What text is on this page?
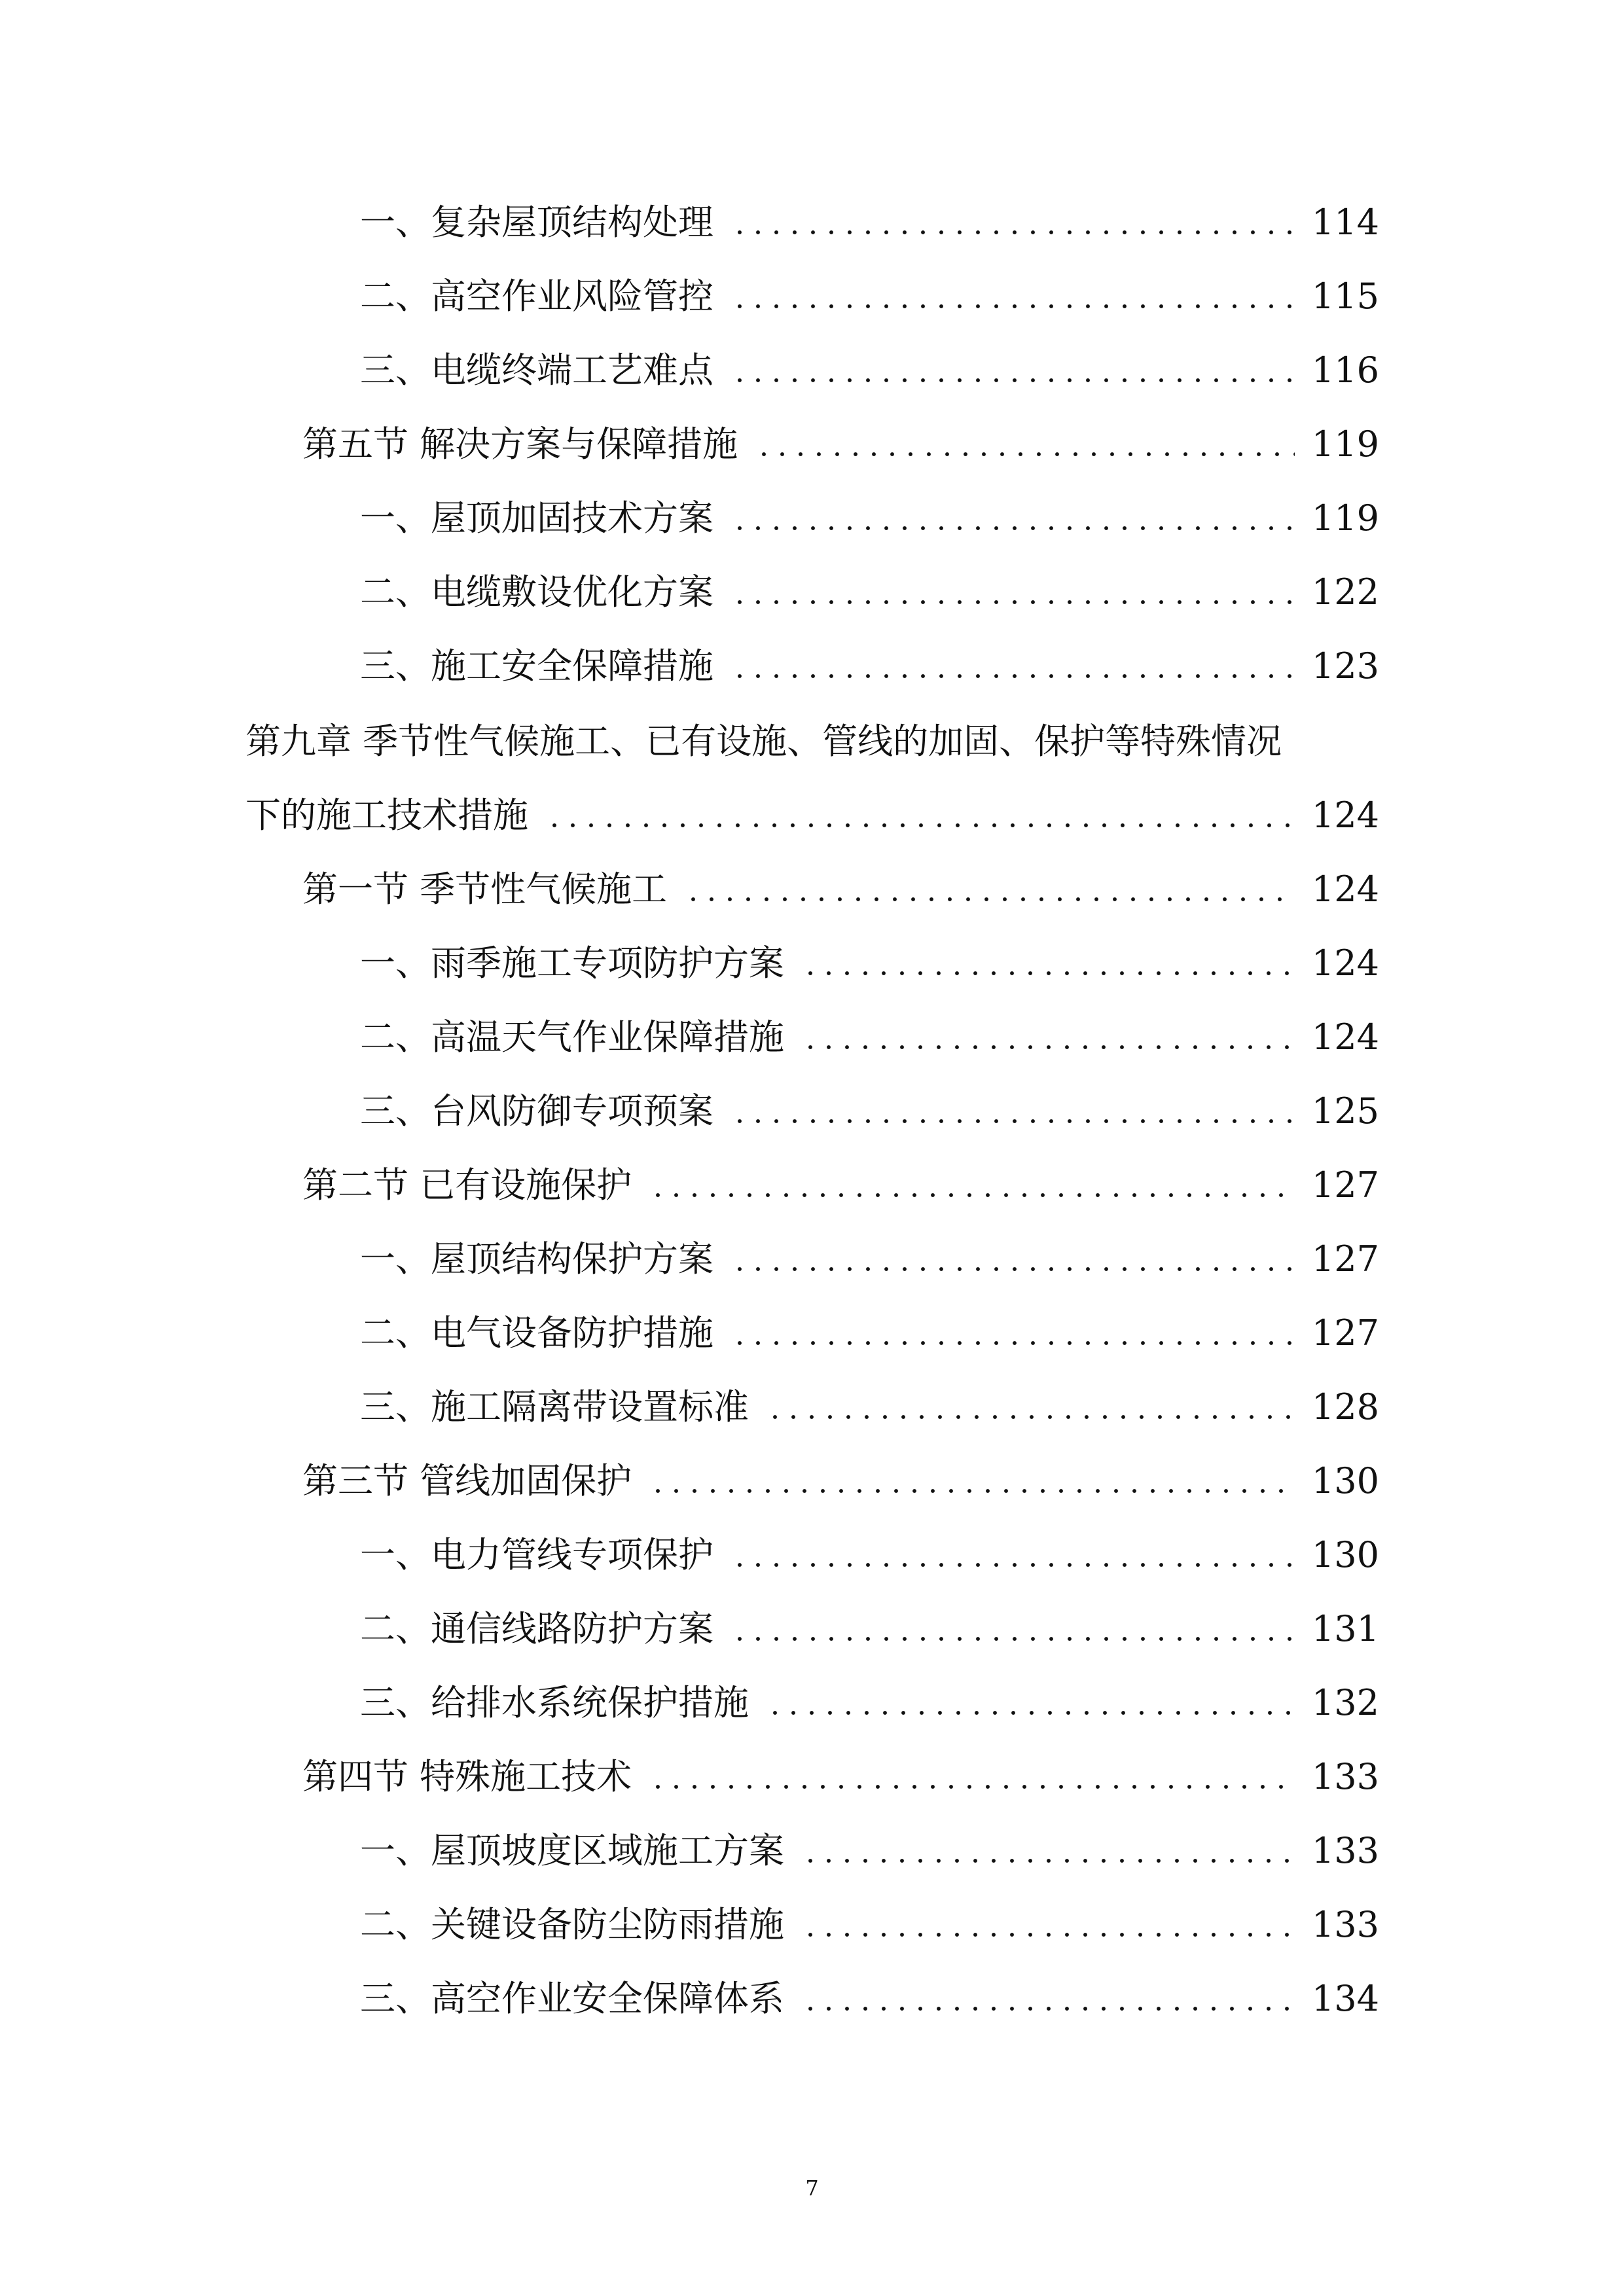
一、复杂屋顶结构处理	114
二、高空作业风险管控	115
三、电缆终端工艺难点	116
第五节 解决方案与保障措施	119
一、屋顶加固技术方案	119
二、电缆敷设优化方案	122
三、施工安全保障措施	123
第九章 季节性气候施工、已有设施、管线的加固、保护等特殊情况
下的施工技术措施	124
第一节 季节性气候施工	124
一、雨季施工专项防护方案	124
二、高温天气作业保障措施	124
三、台风防御专项预案	125
第二节 已有设施保护	127
一、屋顶结构保护方案	127
二、电气设备防护措施	127
三、施工隔离带设置标准	128
第三节 管线加固保护	130
一、电力管线专项保护	130
二、通信线路防护方案	131
三、给排水系统保护措施	132
第四节 特殊施工技术	133
一、屋顶坡度区域施工方案	133
二、关键设备防尘防雨措施	133
三、高空作业安全保障体系	134
7
